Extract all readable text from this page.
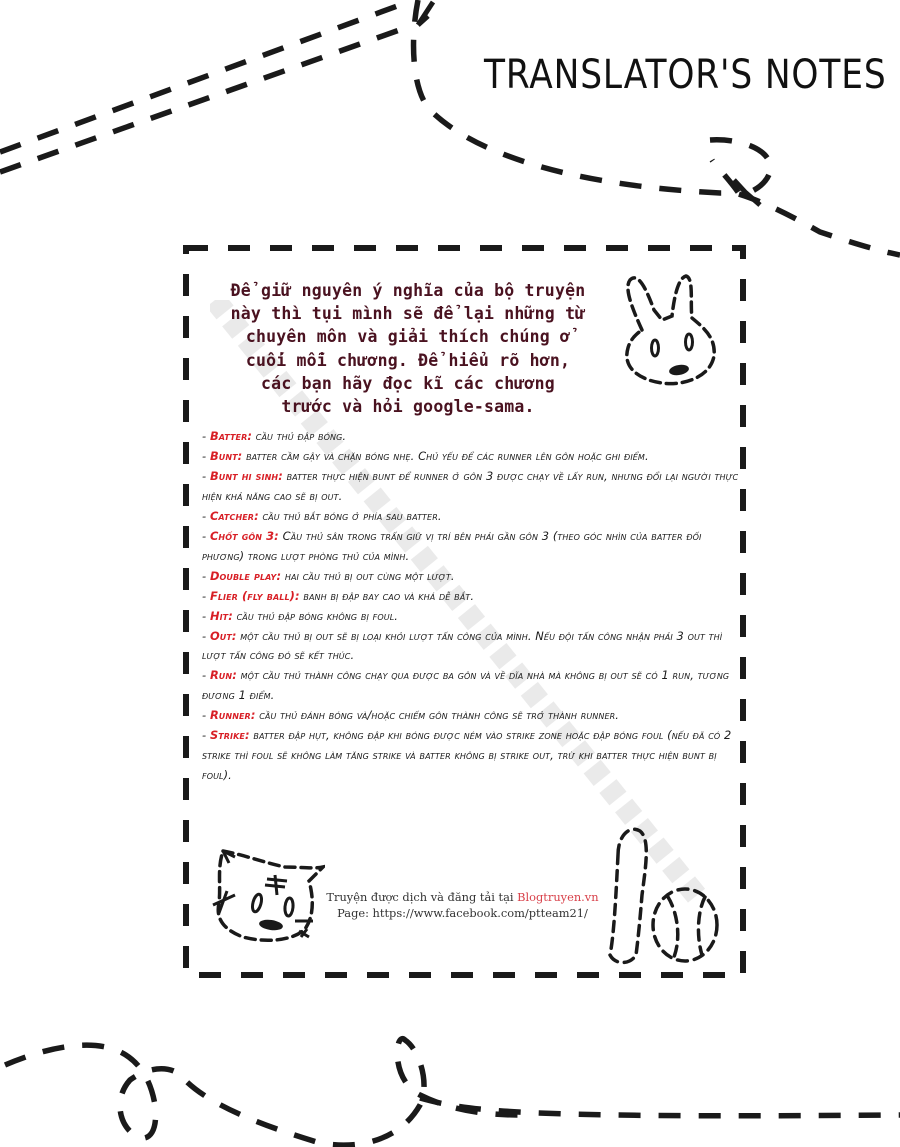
TRANSLATOR'S NOTES
Để giữ nguyên ý nghĩa của bộ truyện
này thì tụi mình sẽ để lại những từ
chuyên môn và giải thích chúng ở
cuối mỗi chương. Để hiểu rõ hơn,
các bạn hãy đọc kĩ các chương
trước và hỏi google-sama.

- Batter: cầu thủ đập bóng.

- Bunt: batter cầm gậy và chặn bóng nhẹ. Chủ yếu để các runner lên gôn hoặc ghi điểm.

- Bunt hi sinh: batter thực hiện bunt để runner ở gôn 3 được chạy về lấy run, nhưng đổi lại người thực hiện khả năng cao sẽ bị out.

- Catcher: cầu thủ bắt bóng ở phía sau batter.

- Chốt gôn 3: Cầu thủ sân trong trấn giữ vị trí bên phải gần gôn 3 (theo góc nhìn của batter đối phương) trong lượt phòng thủ của mình.

- Double play: hai cầu thủ bị out cùng một lượt.

- Flier (fly ball): banh bị đập bay cao và khá dễ bắt.

- Hit: cầu thủ đập bóng không bị foul.

- Out: một cầu thủ bị out sẽ bị loại khỏi lượt tấn công của mình. Nếu đội tấn công nhận phải 3 out thì lượt tấn công đó sẽ kết thúc.

- Run: một cầu thủ thành công chạy qua được ba gôn và về dĩa nhà mà không bị out sẽ có 1 run, tương đương 1 điểm.

- Runner: cầu thủ đánh bóng và/hoặc chiếm gôn thành công sẽ trở thành runner.

- Strike: batter đập hụt, không đập khi bóng được ném vào strike zone hoặc đập bóng foul (nếu đã có 2 strike thì foul sẽ không làm tăng strike và batter không bị strike out, trừ khi batter thực hiện bunt bị foul).

Truyện được dịch và đăng tải tại Blogtruyen.vn
Page: https://www.facebook.com/ptteam21/
